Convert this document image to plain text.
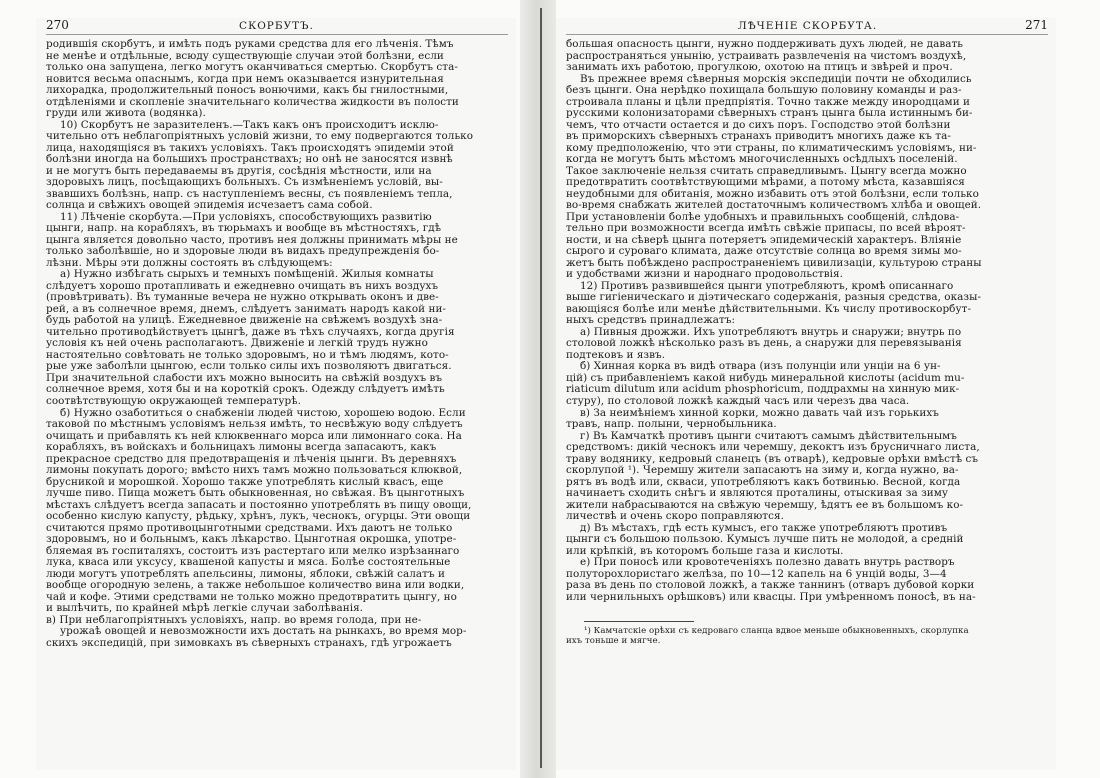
270	СКОРБУТЪ.
родившія скорбутъ, и имѣть подъ руками средства для его лѣченія. Тѣмъ
не менѣе и отдѣльные, всюду существующіе случаи этой болѣзни, если
только она запущена, легко могутъ оканчиваться смертью. Скорбутъ ста-
новится весьма опаснымъ, когда при немъ оказывается изнурительная
лихорадка, продолжительный поносъ вонючими, какъ бы гнилостными,
отдѣленіями и скопленіе значительнаго количества жидкости въ полости
груди или живота (водянка).
10) Скорбутъ не заразителенъ.—Такъ какъ онъ происходитъ исклю-
чительно отъ неблагопріятныхъ условій жизни, то ему подвергаются только
лица, находящіяся въ такихъ условіяхъ. Такъ происходятъ эпидеміи этой
болѣзни иногда на большихъ пространствахъ; но онѣ не заносятся извнѣ
и не могутъ быть передаваемы въ другія, сосѣднія мѣстности, или на
здоровыхъ лицъ, посѣщающихъ больныхъ. Съ измѣненіемъ условій, вы-
звавшихъ болѣзнь, напр. съ наступленіемъ весны, съ появленіемъ тепла,
солнца и свѣжихъ овощей эпидемія исчезаетъ сама собой.
11) Лѣченіе скорбута.—При условіяхъ, способствующихъ развитію
цынги, напр. на корабляхъ, въ тюрьмахъ и вообще въ мѣстностяхъ, гдѣ
цынга является довольно часто, противъ нея должны принимать мѣры не
только заболѣвшіе, но и здоровые люди въ видахъ предупрежденія бо-
лѣзни. Мѣры эти должны состоять въ слѣдующемъ:
а) Нужно избѣгать сырыхъ и темныхъ помѣщеній. Жилыя комнаты
слѣдуетъ хорошо протапливать и ежедневно очищать въ нихъ воздухъ
(провѣтривать). Въ туманные вечера не нужно открывать оконъ и две-
рей, а въ солнечное время, днемъ, слѣдуетъ занимать народъ какой ни-
будь работой на улицѣ. Ежедневное движеніе на свѣжемъ воздухѣ зна-
чительно противодѣйствуетъ цынгѣ, даже въ тѣхъ случаяхъ, когда другія
условія къ ней очень располагаютъ. Движеніе и легкій трудъ нужно
настоятельно совѣтовать не только здоровымъ, но и тѣмъ людямъ, кото-
рые уже заболѣли цынгою, если только силы ихъ позволяютъ двигаться.
При значительной слабости ихъ можно выносить на свѣжій воздухъ въ
солнечное время, хотя бы и на короткій срокъ. Одежду слѣдуетъ имѣть
соотвѣтствующую окружающей температурѣ.
б) Нужно озаботиться о снабженіи людей чистою, хорошею водою. Если
таковой по мѣстнымъ условіямъ нельзя имѣть, то несвѣжую воду слѣдуетъ
очищать и прибавлять къ ней клюквеннаго морса или лимоннаго сока. На
корабляхъ, въ войскахъ и больницахъ лимоны всегда запасаютъ, какъ
прекрасное средство для предотвращенія и лѣченія цынги. Въ деревняхъ
лимоны покупать дорого; вмѣсто нихъ тамъ можно пользоваться клюквой,
брусникой и морошкой. Хорошо также употреблять кислый квасъ, еще
лучше пиво. Пища можетъ быть обыкновенная, но свѣжая. Въ цынготныхъ
мѣстахъ слѣдуетъ всегда запасать и постоянно употреблять въ пищу овощи,
особенно кислую капусту, рѣдьку, хрѣнъ, лукъ, чеснокъ, огурцы. Эти овощи
считаются прямо противоцынготными средствами. Ихъ даютъ не только
здоровымъ, но и больнымъ, какъ лѣкарство. Цынготная окрошка, употре-
бляемая въ госпиталяхъ, состоитъ изъ растертаго или мелко изрѣзаннаго
лука, кваса или уксусу, квашеной капусты и мяса. Болѣе состоятельные
люди могутъ употреблять апельсины, лимоны, яблоки, свѣжій салатъ и
вообще огородную зелень, а также небольшое количество вина или водки,
чай и кофе. Этими средствами не только можно предотвратить цынгу, но
и вылѣчить, по крайней мѣрѣ легкіе случаи заболѣванія.
в) При неблагопріятныхъ условіяхъ, напр. во время голода, при не-
урожаѣ овощей и невозможности ихъ достать на рынкахъ, во время мор-
скихъ экспедицій, при зимовкахъ въ сѣверныхъ странахъ, гдѣ угрожаетъ
ЛѢЧЕНІЕ СКОРБУТА.	271
большая опасность цынги, нужно поддерживать духъ людей, не давать
распространяться унынію, устраивать развлеченія на чистомъ воздухѣ,
занимать ихъ работою, прогулкою, охотою на птицъ и звѣрей и проч.
Въ прежнее время сѣверныя морскія экспедиціи почти не обходились
безъ цынги. Она нерѣдко похищала большую половину команды и раз-
строивала планы и цѣли предпріятія. Точно также между инородцами и
русскими колонизаторами сѣверныхъ странъ цынга была истиннымъ би-
чемъ, что отчасти остается и до сихъ поръ. Господство этой болѣзни
въ приморскихъ сѣверныхъ странахъ приводитъ многихъ даже къ та-
кому предположенію, что эти страны, по климатическимъ условіямъ, ни-
когда не могутъ быть мѣстомъ многочисленныхъ осѣдлыхъ поселеній.
Такое заключеніе нельзя считать справедливымъ. Цынгу всегда можно
предотвратить соотвѣтствующими мѣрами, а потому мѣста, казавшіяся
неудобными для обитанія, можно избавить отъ этой болѣзни, если только
во-время снабжать жителей достаточнымъ количествомъ хлѣба и овощей.
При установленіи болѣе удобныхъ и правильныхъ сообщеній, слѣдова-
тельно при возможности всегда имѣть свѣжіе припасы, по всей вѣроят-
ности, и на сѣверѣ цынга потеряетъ эпидемическій характеръ. Вліяніе
сырого и суроваго климата, даже отсутствіе солнца во время зимы мо-
жетъ быть побѣждено распространеніемъ цивилизаціи, культурою страны
и удобствами жизни и народнаго продовольствія.
12) Противъ развившейся цынги употребляютъ, кромѣ описаннаго
выше гигіеническаго и діэтическаго содержанія, разныя средства, оказы-
вающіяся болѣе или менѣе дѣйствительными. Къ числу противоскорбут-
ныхъ средствъ принадлежатъ:
а) Пивныя дрожжи. Ихъ употребляютъ внутрь и снаружи; внутрь по
столовой ложкѣ нѣсколько разъ въ день, а снаружи для перевязыванія
подтековъ и язвъ.
б) Хинная корка въ видѣ отвара (изъ полунціи или унціи на 6 ун-
цій) съ прибавленіемъ какой нибудь минеральной кислоты (acidum mu-
riaticum dilutum или acidum phosphoricum, поддрахмы на хинную мик-
стуру), по столовой ложкѣ каждый часъ или черезъ два часа.
в) За неимѣніемъ хинной корки, можно давать чай изъ горькихъ
травъ, напр. полыни, чернобыльника.
г) Въ Камчаткѣ противъ цынги считаютъ самымъ дѣйствительнымъ
средствомъ: дикій чеснокъ или черемшу, декоктъ изъ брусничнаго листа,
траву водянику, кедровый сланецъ (въ отварѣ), кедровые орѣхи вмѣстѣ съ
скорлупой ¹). Черемшу жители запасаютъ на зиму и, когда нужно, ва-
рятъ въ водѣ или, скваси, употребляютъ какъ ботвинью. Весной, когда
начинаетъ сходить снѣгъ и являются проталины, отыскивая за зиму
жители набрасываются на свѣжую черемшу, ѣдятъ ее въ большомъ ко-
личествѣ и очень скоро поправляются.
д) Въ мѣстахъ, гдѣ есть кумысъ, его также употребляютъ противъ
цынги съ большою пользою. Кумысъ лучше пить не молодой, а средній
или крѣпкій, въ которомъ больше газа и кислоты.
е) При поносѣ или кровотеченіяхъ полезно давать внутрь растворъ
полуторохлористаго желѣза, по 10—12 капель на 6 унцій воды, 3—4
раза въ день по столовой ложкѣ, а также таннинъ (отваръ дубовой корки
или чернильныхъ орѣшковъ) или квасцы. При умѣренномъ поносѣ, въ на-
¹) Камчатскіе орѣхи съ кедроваго сланца вдвое меньше обыкновенныхъ, скорлупка
ихъ тоньше и мягче.
